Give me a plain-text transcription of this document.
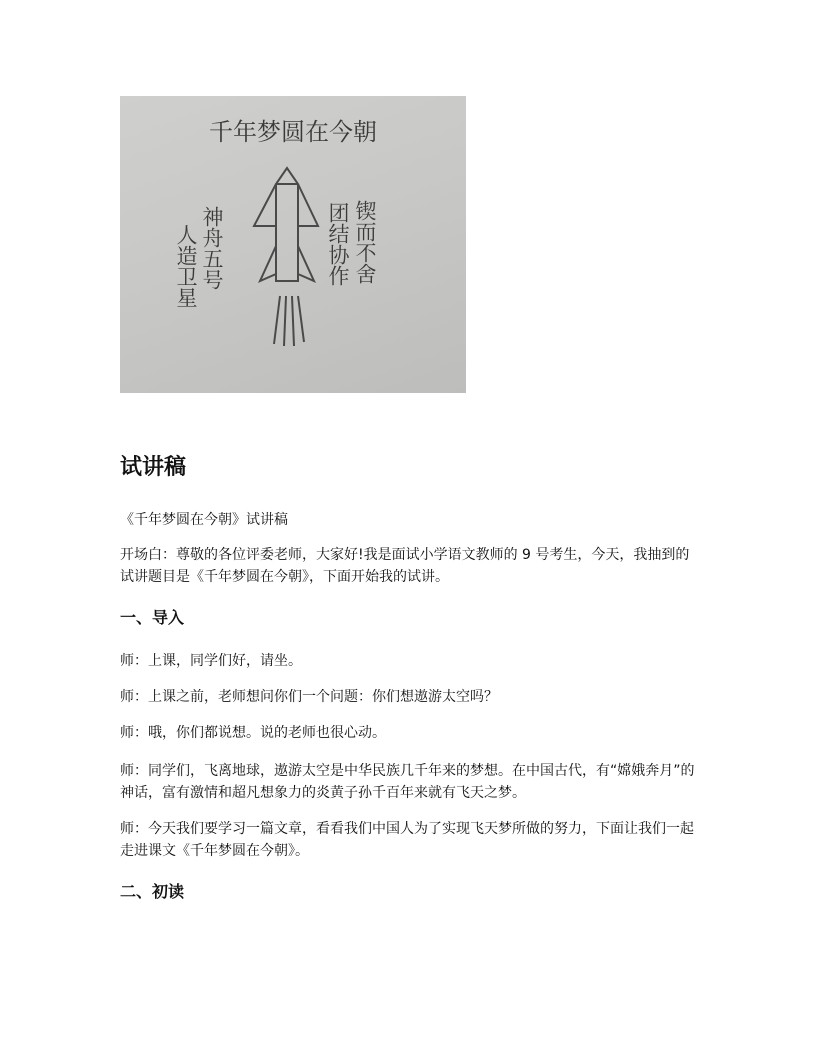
千年梦圆在今朝
人造卫星 神舟五号	团结协作 锲而不舍
试讲稿

《千年梦圆在今朝》试讲稿

开场白：尊敬的各位评委老师，大家好!我是面试小学语文教师的 9 号考生，今天，我抽到的试讲题目是《千年梦圆在今朝》，下面开始我的试讲。

一、导入

师：上课，同学们好，请坐。

师：上课之前，老师想问你们一个问题：你们想遨游太空吗？

师：哦，你们都说想。说的老师也很心动。

师：同学们，飞离地球，遨游太空是中华民族几千年来的梦想。在中国古代，有“嫦娥奔月”的神话，富有激情和超凡想象力的炎黄子孙千百年来就有飞天之梦。

师：今天我们要学习一篇文章，看看我们中国人为了实现飞天梦所做的努力，下面让我们一起走进课文《千年梦圆在今朝》。

二、初读
